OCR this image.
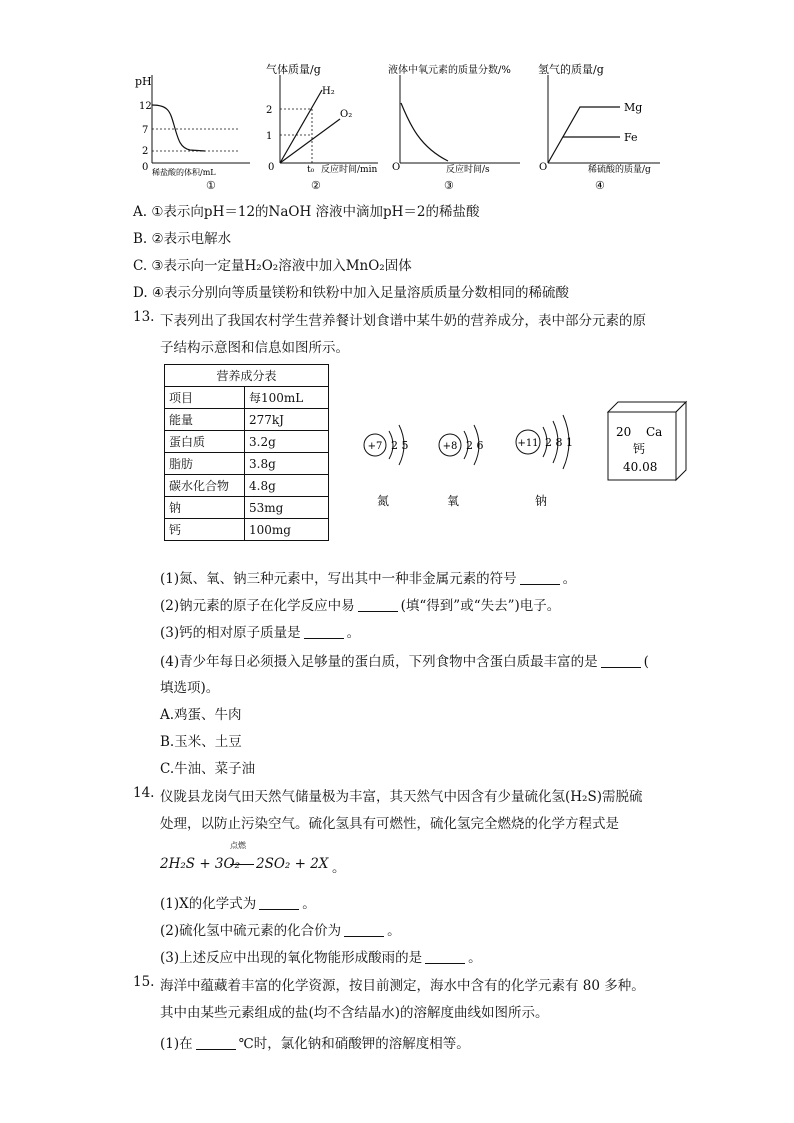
pH
12
7
2
0 稀盐酸的体积/mL
①
气体质量/g
2
1
0
H₂
O₂
t₀ 反应时间/min
②
液体中氧元素的质量分数/%
O	反应时间/s
③
氢气的质量/g
O
Mg
Fe
稀硫酸的质量/g
④
A. ①表示向pH＝12的NaOH 溶液中滴加pH＝2的稀盐酸
B. ②表示电解水
C. ③表示向一定量H₂O₂溶液中加入MnO₂固体
D. ④表示分别向等质量镁粉和铁粉中加入足量溶质质量分数相同的稀硫酸
13. 下表列出了我国农村学生营养餐计划食谱中某牛奶的营养成分，表中部分元素的原
子结构示意图和信息如图所示。
营养成分表	
项目	每100mL
能量	277kJ
蛋白质	3.2g
脂肪	3.8g
碳水化合物	4.8g
钠	53mg
钙	100mg
+7 2 5
氮
+8 2 6
氧
+11 2 8 1
钠
20 Ca
钙
40.08
(1)氮、氧、钠三种元素中，写出其中一种非金属元素的符号	。
(2)钠元素的原子在化学反应中易	(填“得到”或“失去”)电子。
(3)钙的相对原子质量是	。
(4)青少年每日必须摄入足够量的蛋白质，下列食物中含蛋白质最丰富的是	(
填选项)。
A.鸡蛋、牛肉
B.玉米、土豆
C.牛油、菜子油
14. 仪陇县龙岗气田天然气储量极为丰富，其天然气中因含有少量硫化氢(H₂S)需脱硫
处理，以防止污染空气。硫化氢具有可燃性，硫化氢完全燃烧的化学方程式是
点燃
2H₂S + 3O₂ 2SO₂ + 2X 。
(1)X的化学式为	。
(2)硫化氢中硫元素的化合价为	。
(3)上述反应中出现的氧化物能形成酸雨的是	。
15. 海洋中蕴藏着丰富的化学资源，按目前测定，海水中含有的化学元素有 80 多种。
其中由某些元素组成的盐(均不含结晶水)的溶解度曲线如图所示。
(1)在	℃时，氯化钠和硝酸钾的溶解度相等。
